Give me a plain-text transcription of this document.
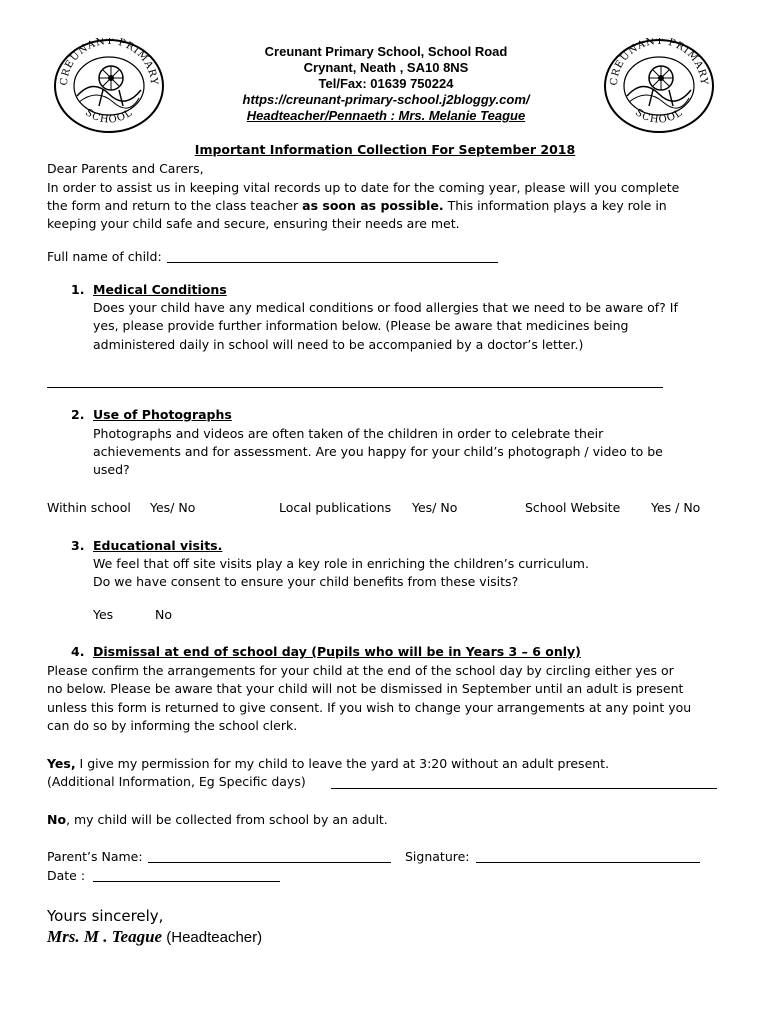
CREUNANT PRIMARY
SCHOOL
CREUNANT PRIMARY
SCHOOL
Creunant Primary School, School Road
Crynant, Neath , SA10 8NS
Tel/Fax: 01639 750224
https://creunant-primary-school.j2bloggy.com/
Headteacher/Pennaeth : Mrs. Melanie Teague
Important Information Collection For September 2018
Dear Parents and Carers,
In order to assist us in keeping vital records up to date for the coming year, please will you complete
the form and return to the class teacher as soon as possible. This information plays a key role in
keeping your child safe and secure, ensuring their needs are met.
Full name of child:
1. Medical Conditions
Does your child have any medical conditions or food allergies that we need to be aware of? If
yes, please provide further information below. (Please be aware that medicines being
administered daily in school will need to be accompanied by a doctor’s letter.)
2. Use of Photographs
Photographs and videos are often taken of the children in order to celebrate their
achievements and for assessment. Are you happy for your child’s photograph / video to be
used?
Within school Yes/ No	Local publications Yes/ No	School Website Yes / No
3. Educational visits.
We feel that off site visits play a key role in enriching the children’s curriculum.
Do we have consent to ensure your child benefits from these visits?
Yes	No
4. Dismissal at end of school day (Pupils who will be in Years 3 – 6 only)
Please confirm the arrangements for your child at the end of the school day by circling either yes or
no below. Please be aware that your child will not be dismissed in September until an adult is present
unless this form is returned to give consent. If you wish to change your arrangements at any point you
can do so by informing the school clerk.
Yes, I give my permission for my child to leave the yard at 3:20 without an adult present.
(Additional Information, Eg Specific days)
No, my child will be collected from school by an adult.
Parent’s Name:	Signature:
Date :
Yours sincerely,
Mrs. M . Teague (Headteacher)
